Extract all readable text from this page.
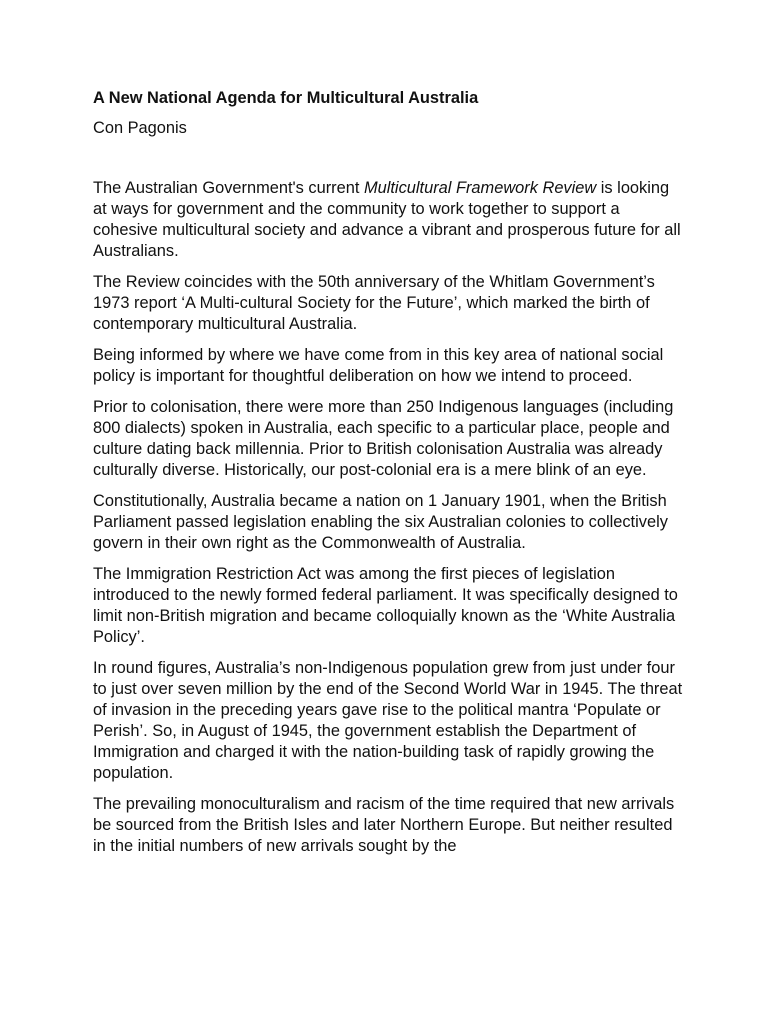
A New National Agenda for Multicultural Australia
Con Pagonis

The Australian Government's current Multicultural Framework Review is looking at ways for government and the community to work together to support a cohesive multicultural society and advance a vibrant and prosperous future for all Australians.

The Review coincides with the 50th anniversary of the Whitlam Government’s 1973 report ‘A Multi-cultural Society for the Future’, which marked the birth of contemporary multicultural Australia.

Being informed by where we have come from in this key area of national social policy is important for thoughtful deliberation on how we intend to proceed.

Prior to colonisation, there were more than 250 Indigenous languages (including 800 dialects) spoken in Australia, each specific to a particular place, people and culture dating back millennia. Prior to British colonisation Australia was already culturally diverse. Historically, our post-colonial era is a mere blink of an eye.

Constitutionally, Australia became a nation on 1 January 1901, when the British Parliament passed legislation enabling the six Australian colonies to collectively govern in their own right as the Commonwealth of Australia.

The Immigration Restriction Act was among the first pieces of legislation introduced to the newly formed federal parliament. It was specifically designed to limit non-British migration and became colloquially known as the ‘White Australia Policy’.

In round figures, Australia’s non-Indigenous population grew from just under four to just over seven million by the end of the Second World War in 1945. The threat of invasion in the preceding years gave rise to the political mantra ‘Populate or Perish’. So, in August of 1945, the government establish the Department of Immigration and charged it with the nation-building task of rapidly growing the population.

The prevailing monoculturalism and racism of the time required that new arrivals be sourced from the British Isles and later Northern Europe. But neither resulted in the initial numbers of new arrivals sought by the
